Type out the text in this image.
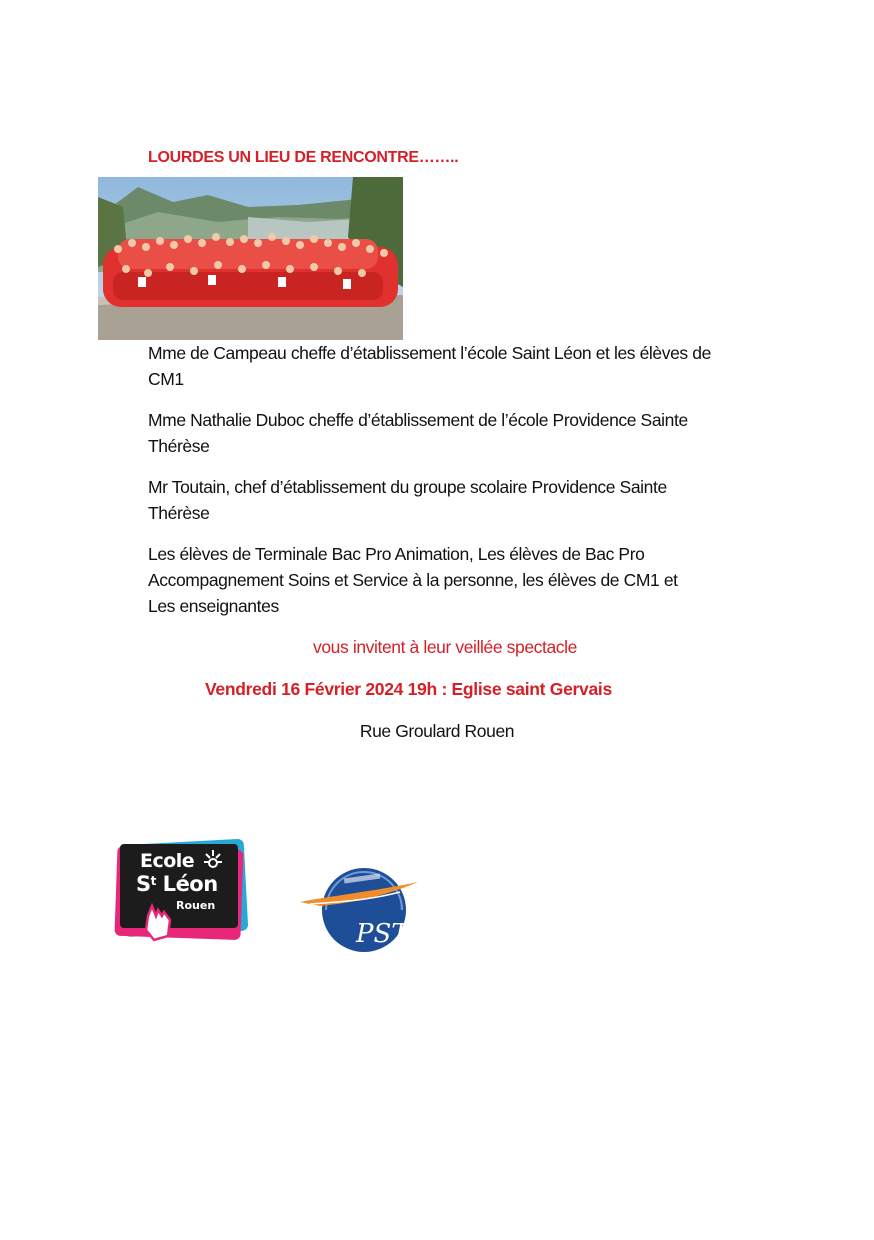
LOURDES UN LIEU DE RENCONTRE……..

Mme de Campeau cheffe d’établissement l’école Saint Léon et les élèves de
CM1

Mme Nathalie Duboc cheffe d’établissement de l’école Providence Sainte
Thérèse

Mr Toutain, chef d’établissement du groupe scolaire Providence Sainte
Thérèse

Les élèves de Terminale Bac Pro Animation, Les élèves de Bac Pro
Accompagnement Soins et Service à la personne, les élèves de CM1 et
Les enseignantes

vous invitent à leur veillée spectacle
Vendredi 16 Février 2024 19h : Eglise saint Gervais
Rue Groulard Rouen
Ecole
$S^t$ Léon
Rouen
PST
